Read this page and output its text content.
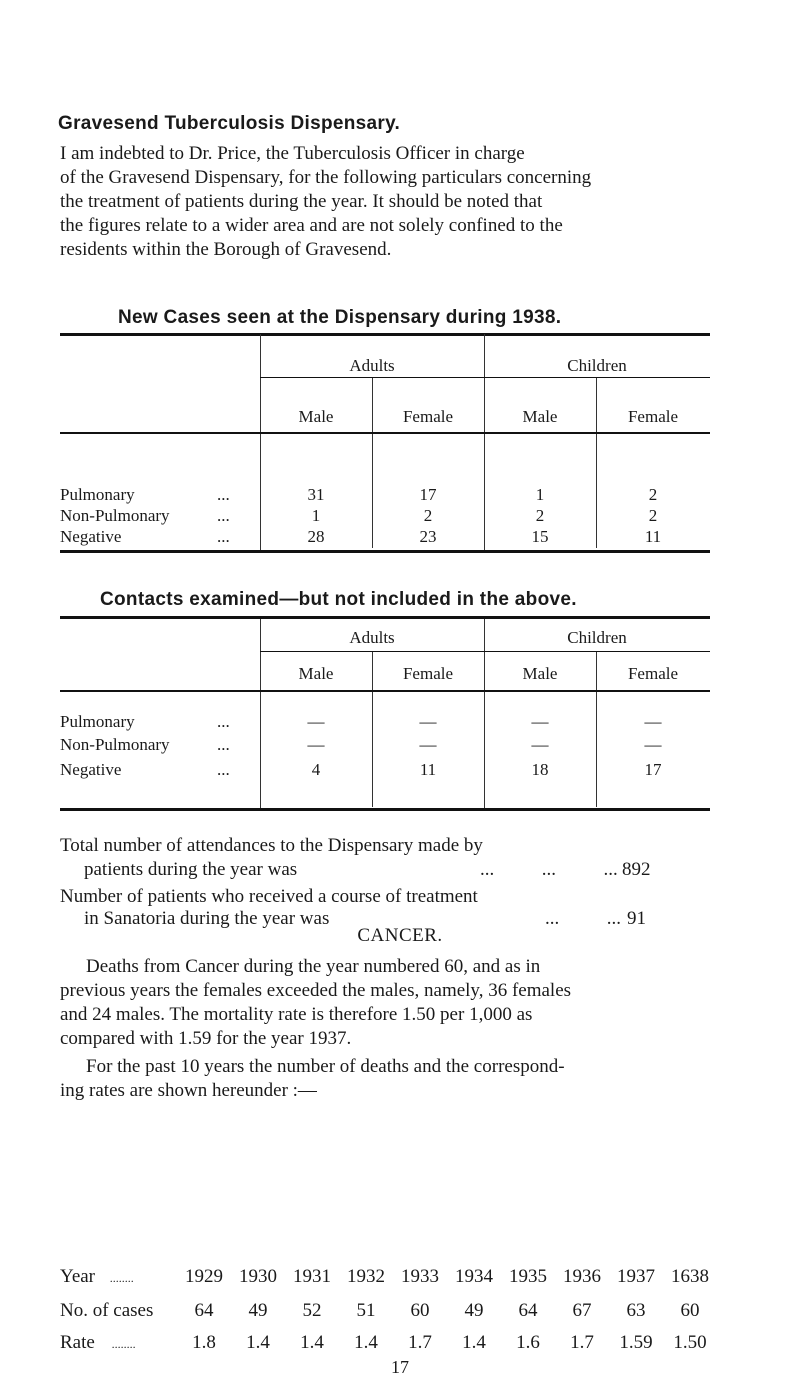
Gravesend Tuberculosis Dispensary.
I am indebted to Dr. Price, the Tuberculosis Officer in charge
of the Gravesend Dispensary, for the following particulars concerning
the treatment of patients during the year. It should be noted that
the figures relate to a wider area and are not solely confined to the
residents within the Borough of Gravesend.
New Cases seen at the Dispensary during 1938.
Adults	Children
Male	Female	Male	Female
Pulmonary	...	31	17	1	2
Non-Pulmonary	...	1	2	2	2
Negative	...	28	23	15	11
Contacts examined—but not included in the above.
Adults	Children
Male	Female	Male	Female
Pulmonary	...	—	—	—	—
Non-Pulmonary	...	—	—	—	—
Negative	...	4	11	18	17
Total number of attendances to the Dispensary made by
patients during the year was	...          ...          ... 892
Number of patients who received a course of treatment
in Sanatoria during the year was	...          ... 91
CANCER.
Deaths from Cancer during the year numbered 60, and as in
previous years the females exceeded the males, namely, 36 females
and 24 males. The mortality rate is therefore 1.50 per 1,000 as
compared with 1.59 for the year 1937.
For the past 10 years the number of deaths and the correspond-
ing rates are shown hereunder :—
Year ........	1929 1930 1931 1932 1933 1934 1935 1936 1937 1638
No. of cases	64	49	52	51	60	49	64	67	63	60
Rate ........	1.8	1.4	1.4	1.4	1.7	1.4	1.6	1.7	1.59	1.50
17
